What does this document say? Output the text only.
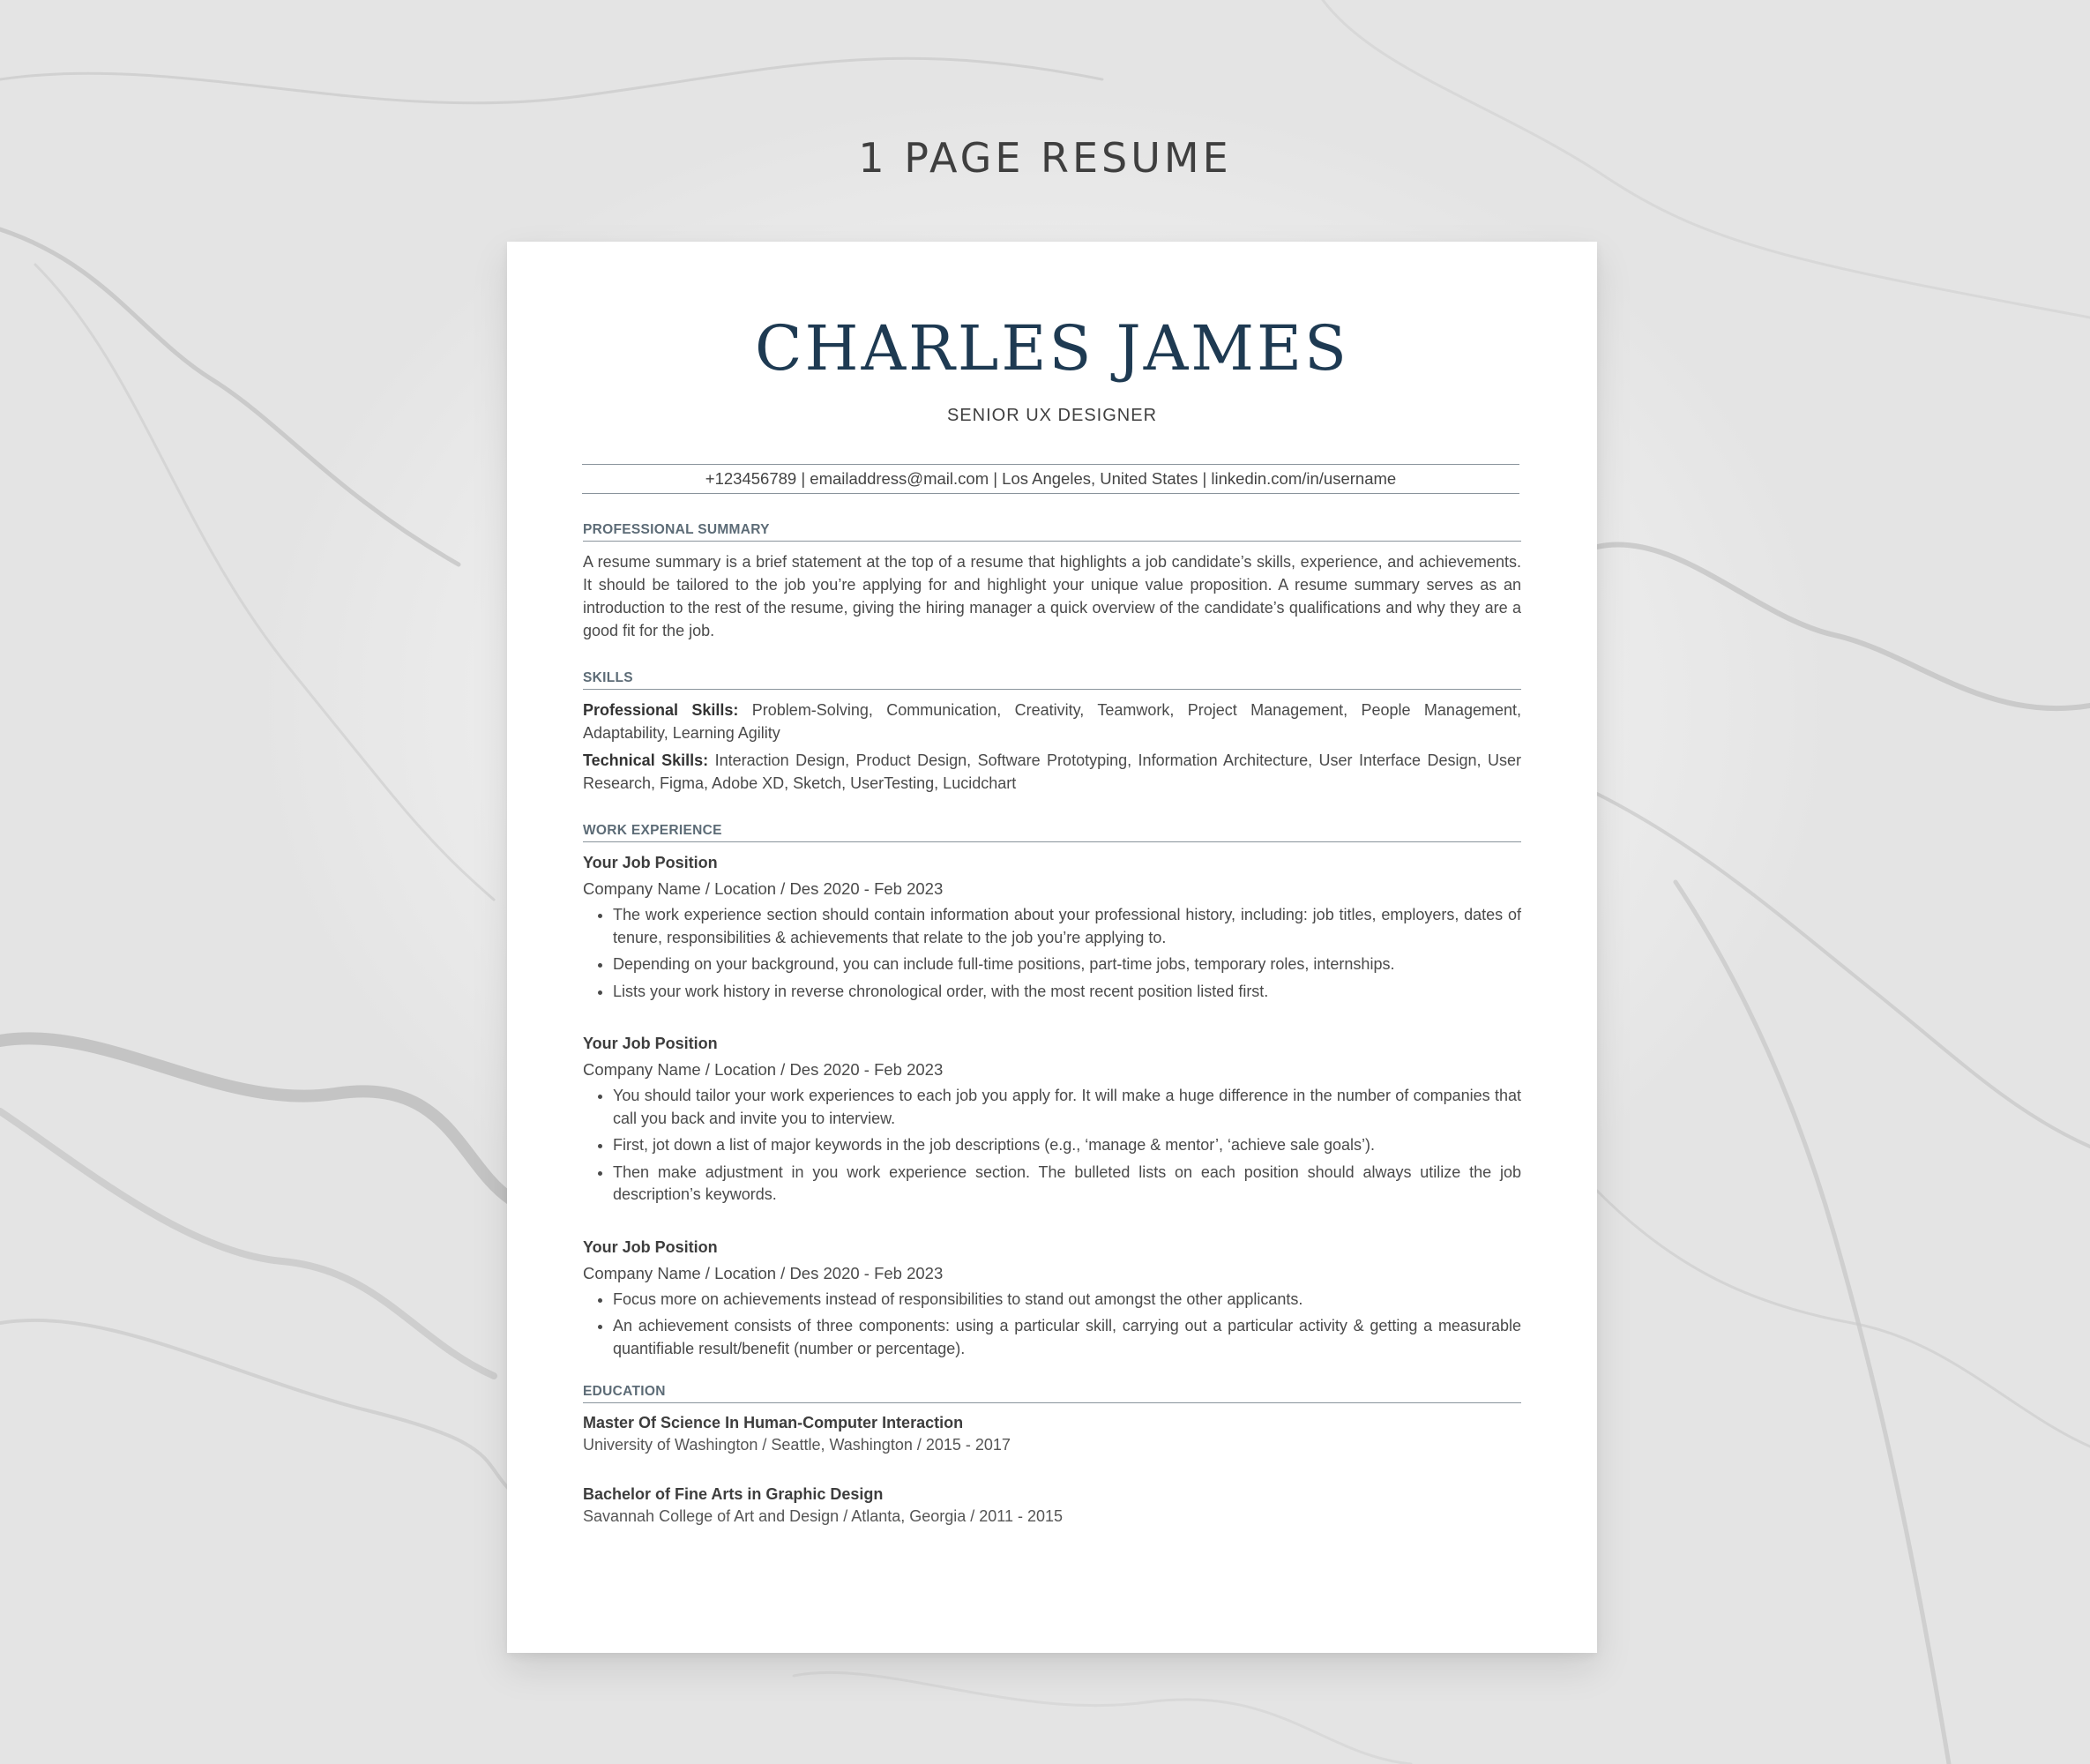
1 PAGE RESUME
CHARLES JAMES
SENIOR UX DESIGNER
+123456789 | emailaddress@mail.com | Los Angeles, United States | linkedin.com/in/username
PROFESSIONAL SUMMARY

A resume summary is a brief statement at the top of a resume that highlights a job candidate’s skills, experience, and achievements. It should be tailored to the job you’re applying for and highlight your unique value proposition. A resume summary serves as an introduction to the rest of the resume, giving the hiring manager a quick overview of the candidate’s qualifications and why they are a good fit for the job.

SKILLS

Professional Skills: Problem-Solving, Communication, Creativity, Teamwork, Project Management, People Management, Adaptability, Learning Agility

Technical Skills: Interaction Design, Product Design, Software Prototyping, Information Architecture, User Interface Design, User Research, Figma, Adobe XD, Sketch, UserTesting, Lucidchart

WORK EXPERIENCE
Your Job Position
Company Name / Location / Des 2020 - Feb 2023
• The work experience section should contain information about your professional history, including: job titles, employers, dates of tenure, responsibilities & achievements that relate to the job you’re applying to.
• Depending on your background, you can include full-time positions, part-time jobs, temporary roles, internships.
• Lists your work history in reverse chronological order, with the most recent position listed first.
Your Job Position
Company Name / Location / Des 2020 - Feb 2023
• You should tailor your work experiences to each job you apply for. It will make a huge difference in the number of companies that call you back and invite you to interview.
• First, jot down a list of major keywords in the job descriptions (e.g., ‘manage & mentor’, ‘achieve sale goals’).
• Then make adjustment in you work experience section. The bulleted lists on each position should always utilize the job description’s keywords.
Your Job Position
Company Name / Location / Des 2020 - Feb 2023
• Focus more on achievements instead of responsibilities to stand out amongst the other applicants.
• An achievement consists of three components: using a particular skill, carrying out a particular activity & getting a measurable quantifiable result/benefit (number or percentage).
EDUCATION
Master Of Science In Human-Computer Interaction
University of Washington / Seattle, Washington / 2015 - 2017
Bachelor of Fine Arts in Graphic Design
Savannah College of Art and Design / Atlanta, Georgia / 2011 - 2015
